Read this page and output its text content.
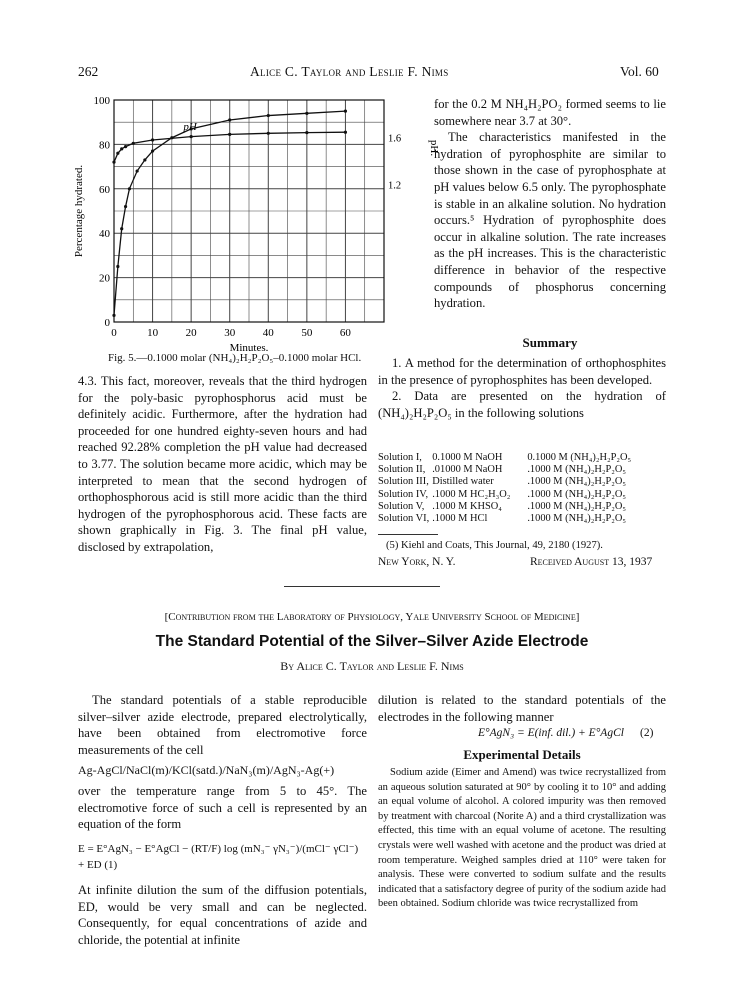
262	Alice C. Taylor and Leslie F. Nims	Vol. 60
0
20
40
60
80
100
0	10	20	30	40	50	60
1.6
1.2
Percentage hydrated.
pH.
Minutes.
pH
Fig. 5.—0.1000 molar (NH₄)₂H₂P₂O₅–0.1000 molar HCl.

4.3. This fact, moreover, reveals that the third hydrogen for the poly-basic pyrophosphorus acid must be definitely acidic. Furthermore, after the hydration had proceeded for one hundred eighty-seven hours and had reached 92.28% completion the pH value had decreased to 3.77. The solution became more acidic, which may be interpreted to mean that the second hydrogen of orthophosphorous acid is still more acidic than the third hydrogen of the pyrophosphorous acid. These facts are shown graphically in Fig. 3. The final pH value, disclosed by extrapolation,

for the 0.2 M NH₄H₂PO₂ formed seems to lie somewhere near 3.7 at 30°.

The characteristics manifested in the hydration of pyrophosphite are similar to those shown in the case of pyrophosphate at pH values below 6.5 only. The pyrophosphate is stable in an alkaline solution. No hydration occurs.⁵ Hydration of pyrophosphite does occur in alkaline solution. The rate increases as the pH increases. This is the characteristic difference in behavior of the respective compounds of phosphorus concerning hydration.

Summary

1. A method for the determination of orthophosphites in the presence of pyrophosphites has been developed.

2. Data are presented on the hydration of (NH₄)₂H₂P₂O₅ in the following solutions

Solution I,	0.1000 M NaOH	0.1000 M (NH₄)₂H₂P₂O₅
Solution II,	.01000 M NaOH	.1000 M (NH₄)₂H₂P₂O₅
Solution III,	Distilled water	.1000 M (NH₄)₂H₂P₂O₅
Solution IV,	.1000 M HC₂H₃O₂	.1000 M (NH₄)₂H₂P₂O₅
Solution V,	.1000 M KHSO₄	.1000 M (NH₄)₂H₂P₂O₅
Solution VI,	.1000 M HCl	.1000 M (NH₄)₂H₂P₂O₅
(5) Kiehl and Coats, This Journal, 49, 2180 (1927).
New York, N. Y.	Received August 13, 1937
[Contribution from the Laboratory of Physiology, Yale University School of Medicine]
The Standard Potential of the Silver–Silver Azide Electrode
By Alice C. Taylor and Leslie F. Nims

The standard potentials of a stable reproducible silver–silver azide electrode, prepared electrolytically, have been obtained from electromotive force measurements of the cell

Ag-AgCl/NaCl(m)/KCl(satd.)/NaN₃(m)/AgN₃-Ag(+)

over the temperature range from 5 to 45°. The electromotive force of such a cell is represented by an equation of the form

E = E°AgN₃ − E°AgCl − (RT/F) log (mN₃⁻ γN₃⁻)/(mCl⁻ γCl⁻) + ED (1)

At infinite dilution the sum of the diffusion potentials, ED, would be very small and can be neglected. Consequently, for equal concentrations of azide and chloride, the potential at infinite

dilution is related to the standard potentials of the electrodes in the following manner

E°AgN₃ = E(inf. dil.) + E°AgCl (2)
Experimental Details
Sodium azide (Eimer and Amend) was twice recrystallized from an aqueous solution saturated at 90° by cooling it to 10° and adding an equal volume of alcohol. A colored impurity was then removed by treatment with charcoal (Norite A) and a third crystallization was effected, this time with an equal volume of acetone. The resulting crystals were well washed with acetone and the product was dried at room temperature. Weighed samples dried at 110° were taken for analysis. These were converted to sodium sulfate and the results indicated that a satisfactory degree of purity of the sodium azide had been obtained. Sodium chloride was twice recrystallized from
